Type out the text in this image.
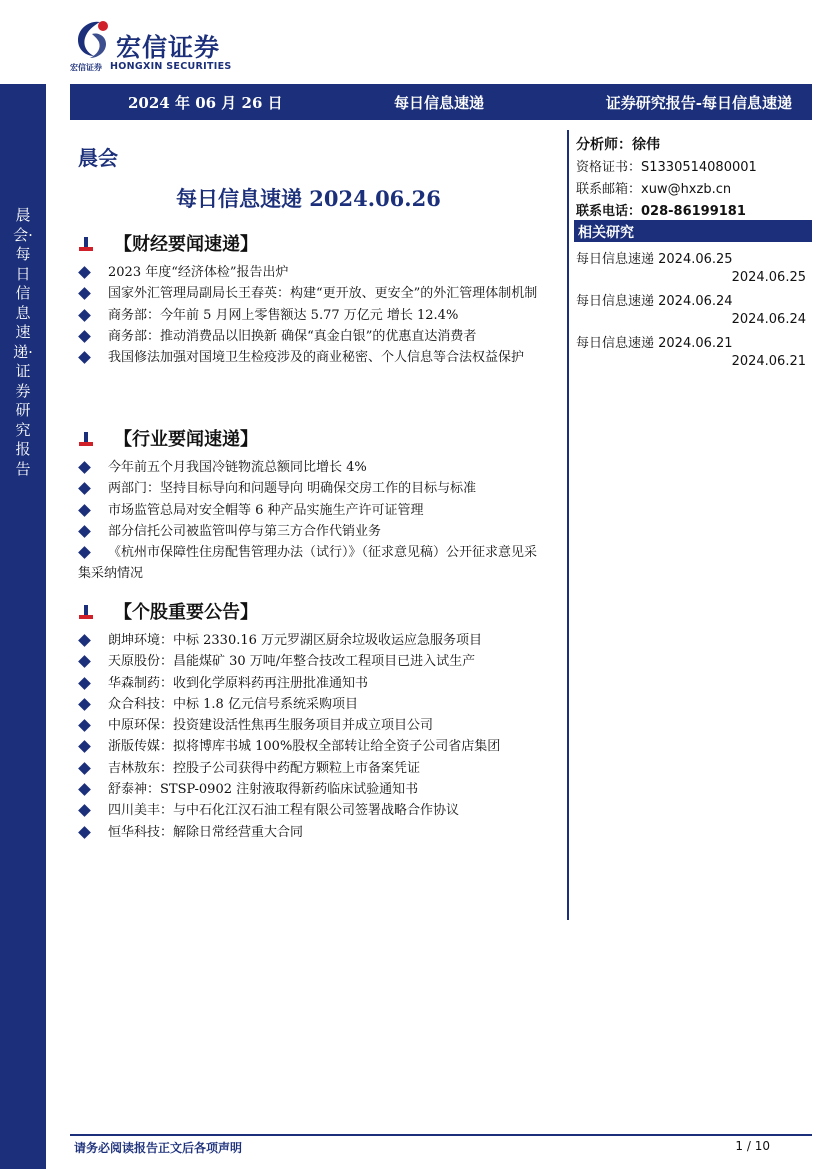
宏信证券
宏信证券 HONGXIN SECURITIES
2024 年 06 月 26 日	每日信息速递	证券研究报告-每日信息速递
晨会·每日信息速递·证券研究报告
晨会
每日信息速递 2024.06.26
【财经要闻速递】
2023 年度“经济体检”报告出炉
国家外汇管理局副局长王春英：构建“更开放、更安全”的外汇管理体制机制
商务部：今年前 5 月网上零售额达 5.77 万亿元 增长 12.4%
商务部：推动消费品以旧换新 确保“真金白银”的优惠直达消费者
我国修法加强对国境卫生检疫涉及的商业秘密、个人信息等合法权益保护
【行业要闻速递】
今年前五个月我国冷链物流总额同比增长 4%
两部门：坚持目标导向和问题导向 明确保交房工作的目标与标准
市场监管总局对安全帽等 6 种产品实施生产许可证管理
部分信托公司被监管叫停与第三方合作代销业务
《杭州市保障性住房配售管理办法（试行）》（征求意见稿）公开征求意见采集采纳情况
【个股重要公告】
朗坤环境：中标 2330.16 万元罗湖区厨余垃圾收运应急服务项目
天原股份：昌能煤矿 30 万吨/年整合技改工程项目已进入试生产
华森制药：收到化学原料药再注册批准通知书
众合科技：中标 1.8 亿元信号系统采购项目
中原环保：投资建设活性焦再生服务项目并成立项目公司
浙版传媒：拟将博库书城 100%股权全部转让给全资子公司省店集团
吉林敖东：控股子公司获得中药配方颗粒上市备案凭证
舒泰神：STSP-0902 注射液取得新药临床试验通知书
四川美丰：与中石化江汉石油工程有限公司签署战略合作协议
恒华科技：解除日常经营重大合同
分析师：徐伟
资格证书：S1330514080001
联系邮箱：xuw@hxzb.cn
联系电话：028-86199181
相关研究
每日信息速递 2024.06.25
2024.06.25
每日信息速递 2024.06.24
2024.06.24
每日信息速递 2024.06.21
2024.06.21
请务必阅读报告正文后各项声明	1 / 10
